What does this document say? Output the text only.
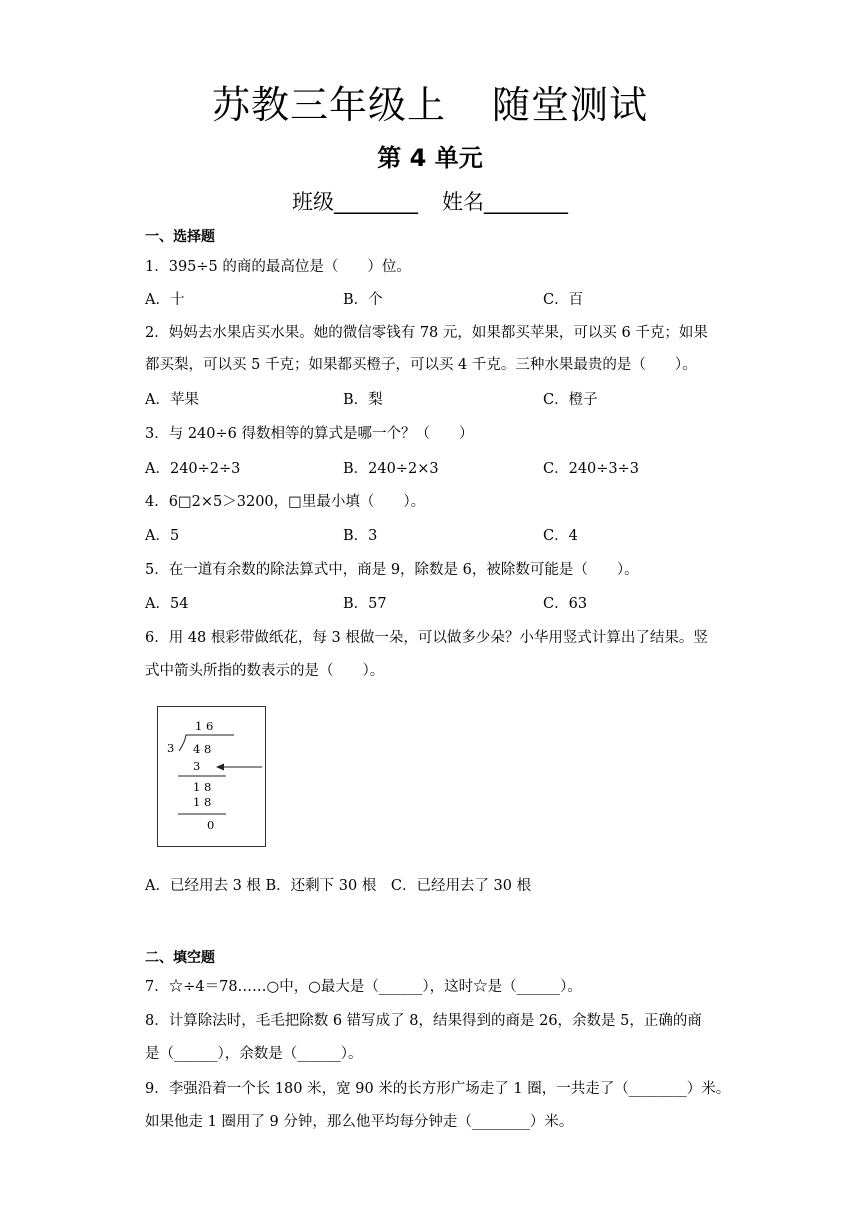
苏教三年级上 随堂测试
第 4 单元
班级________ 姓名________
一、选择题
1．395÷5 的商的最高位是（　　）位。
A．十	B．个	C．百
2．妈妈去水果店买水果。她的微信零钱有 78 元，如果都买苹果，可以买 6 千克；如果
都买梨，可以买 5 千克；如果都买橙子，可以买 4 千克。三种水果最贵的是（　　）。
A．苹果	B．梨	C．橙子
3．与 240÷6 得数相等的算式是哪一个？（　　）
A．240÷2÷3	B．240÷2×3	C．240÷3÷3
4．6□2×5＞3200，□里最小填（　　）。
A．5	B．3	C．4
5．在一道有余数的除法算式中，商是 9，除数是 6，被除数可能是（　　）。
A．54	B．57	C．63
6．用 48 根彩带做纸花，每 3 根做一朵，可以做多少朵？小华用竖式计算出了结果。竖
式中箭头所指的数表示的是（　　）。
1 6
3 4 8
3
1 8
1 8
0
A．已经用去 3 根 B．还剩下 30 根　C．已经用去了 30 根
二、填空题
7．☆÷4＝78……○中，○最大是（______），这时☆是（______）。
8．计算除法时，毛毛把除数 6 错写成了 8，结果得到的商是 26，余数是 5，正确的商
是（______），余数是（______）。
9．李强沿着一个长 180 米，宽 90 米的长方形广场走了 1 圈，一共走了（________）米。
如果他走 1 圈用了 9 分钟，那么他平均每分钟走（________）米。
